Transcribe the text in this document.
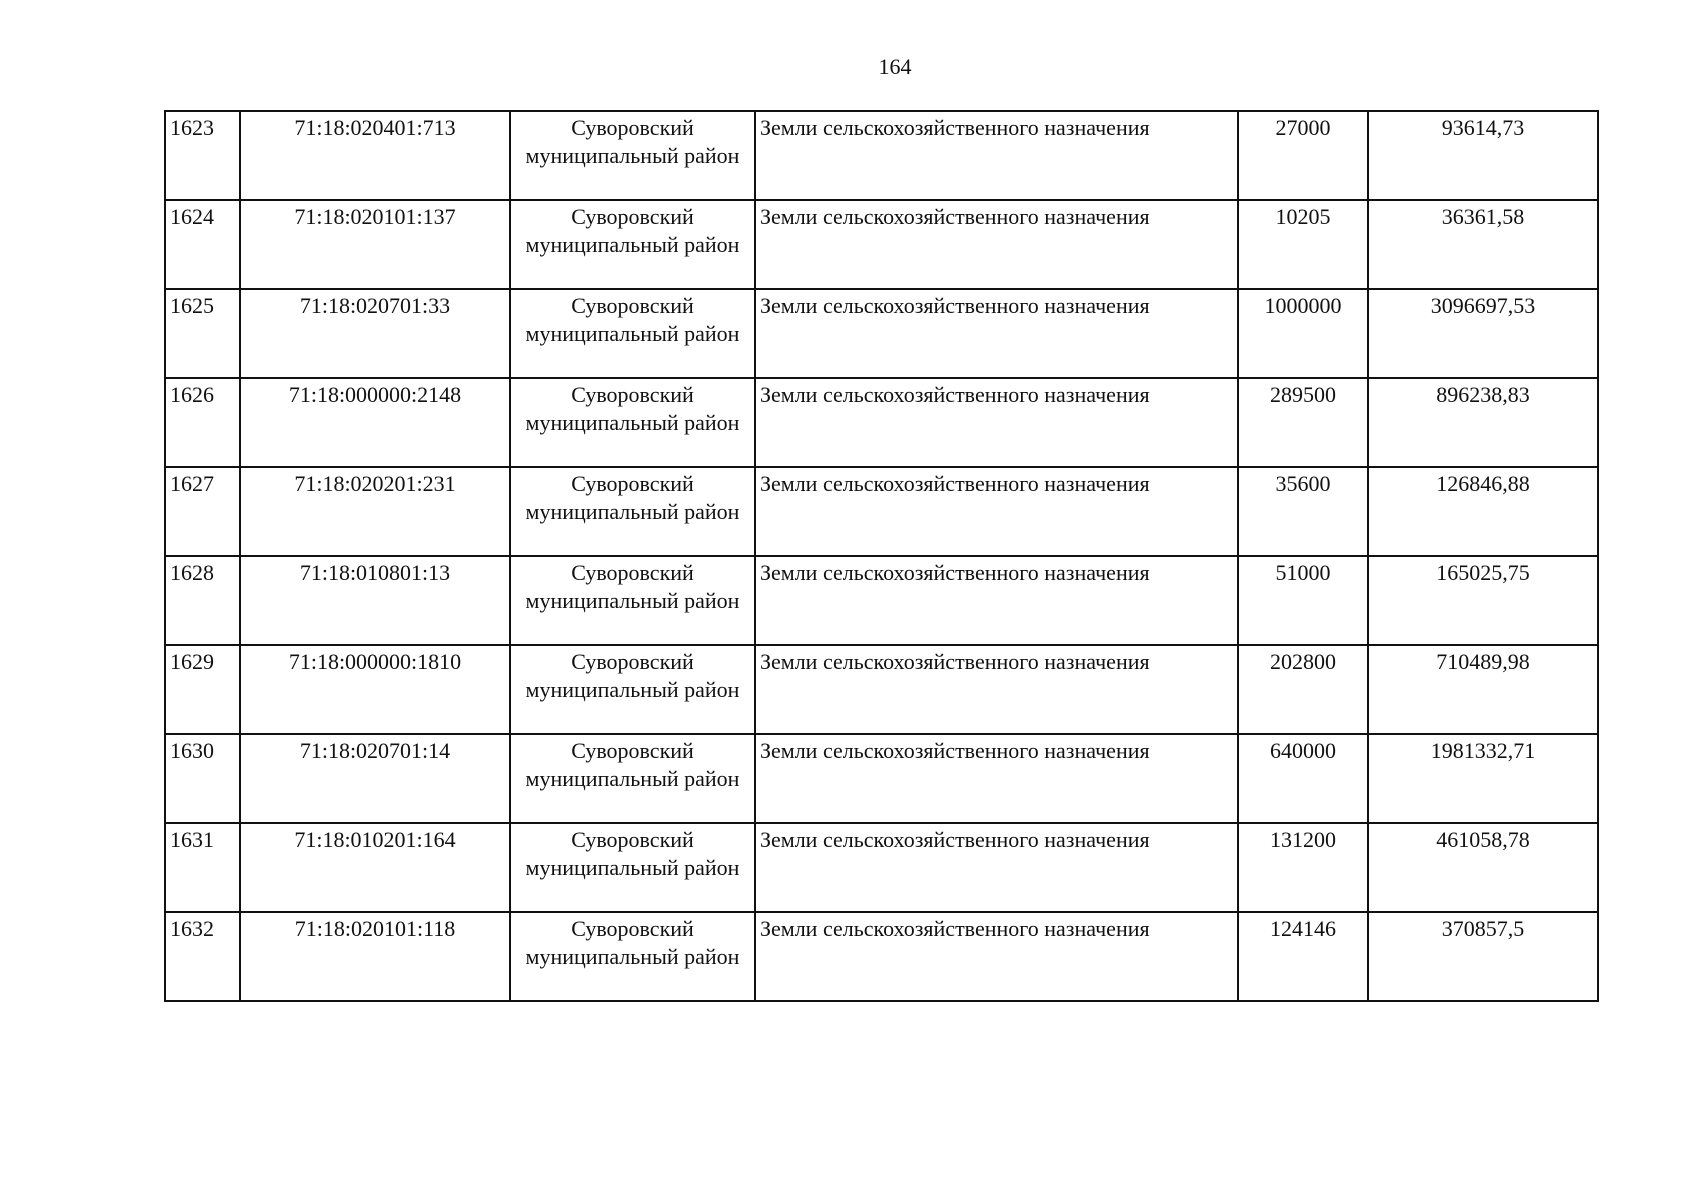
164
1623	71:18:020401:713	Суворовский муниципальный район	Земли сельскохозяйственного назначения	27000	93614,73
1624	71:18:020101:137	Суворовский муниципальный район	Земли сельскохозяйственного назначения	10205	36361,58
1625	71:18:020701:33	Суворовский муниципальный район	Земли сельскохозяйственного назначения	1000000	3096697,53
1626	71:18:000000:2148	Суворовский муниципальный район	Земли сельскохозяйственного назначения	289500	896238,83
1627	71:18:020201:231	Суворовский муниципальный район	Земли сельскохозяйственного назначения	35600	126846,88
1628	71:18:010801:13	Суворовский муниципальный район	Земли сельскохозяйственного назначения	51000	165025,75
1629	71:18:000000:1810	Суворовский муниципальный район	Земли сельскохозяйственного назначения	202800	710489,98
1630	71:18:020701:14	Суворовский муниципальный район	Земли сельскохозяйственного назначения	640000	1981332,71
1631	71:18:010201:164	Суворовский муниципальный район	Земли сельскохозяйственного назначения	131200	461058,78
1632	71:18:020101:118	Суворовский муниципальный район	Земли сельскохозяйственного назначения	124146	370857,5
